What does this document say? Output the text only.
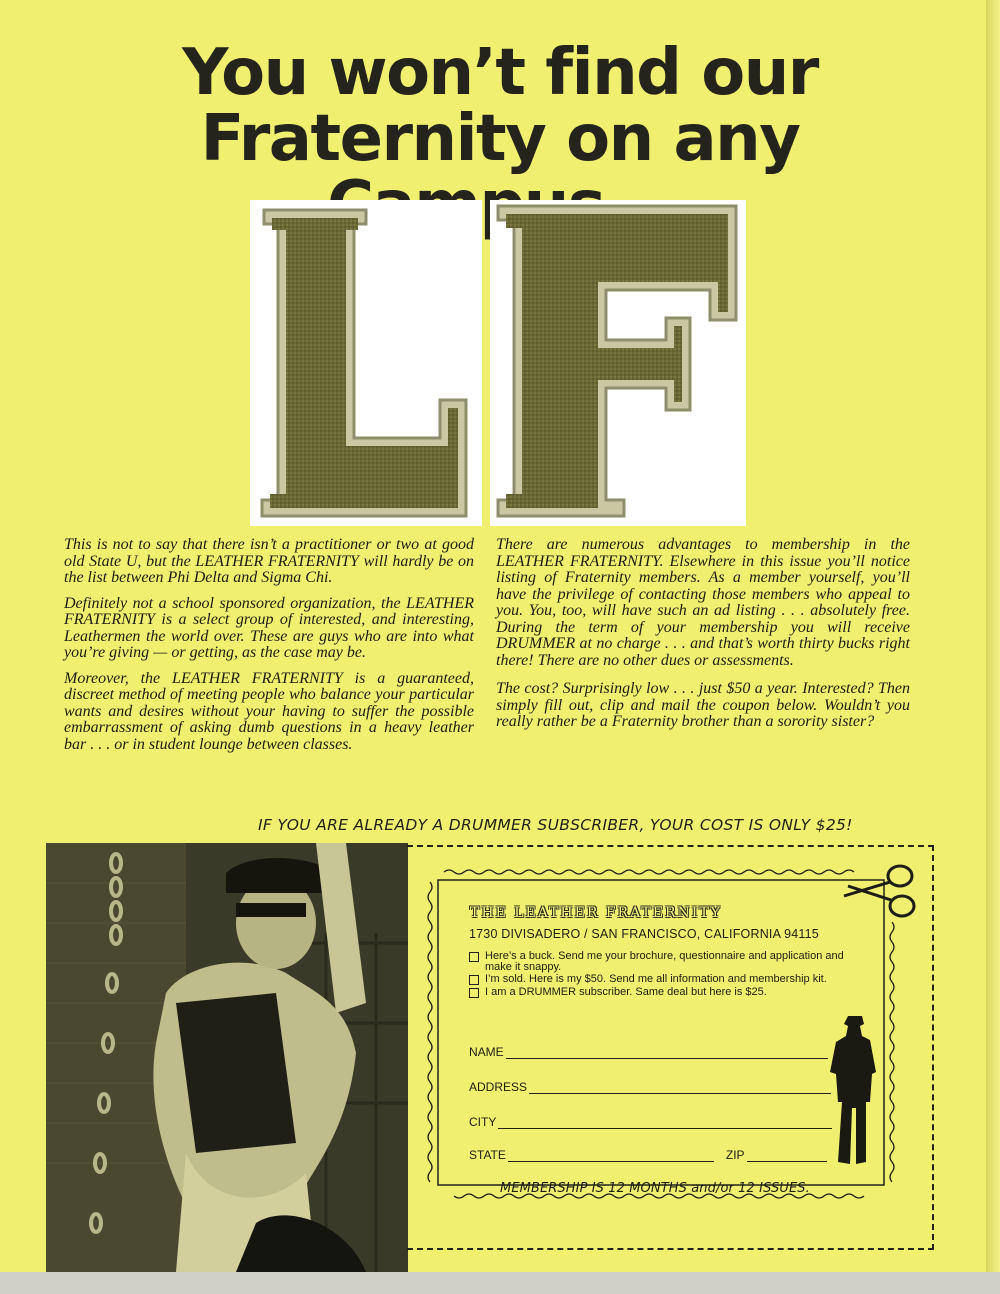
You won’t find our
Fraternity on any

This is not to say that there isn’t a practitioner or two at good old State U, but the LEATHER FRATERNITY will hardly be on the list between Phi Delta and Sigma Chi.

Definitely not a school sponsored organization, the LEATHER FRATERNITY is a select group of interested, and interesting, Leathermen the world over. These are guys who are into what you’re giving — or getting, as the case may be.

Moreover, the LEATHER FRATERNITY is a guaranteed, discreet method of meeting people who balance your particular wants and desires without your having to suffer the possible embarrassment of asking dumb questions in a heavy leather bar . . . or in student lounge between classes.

There are numerous advantages to membership in the LEATHER FRATERNITY. Elsewhere in this issue you’ll notice listing of Fraternity members. As a member yourself, you’ll have the privilege of contacting those members who appeal to you. You, too, will have such an ad listing . . . absolutely free. During the term of your membership you will receive DRUMMER at no charge . . . and that’s worth thirty bucks right there! There are no other dues or assessments.

The cost? Surprisingly low . . . just $50 a year. Interested? Then simply fill out, clip and mail the coupon below. Wouldn’t you really rather be a Fraternity brother than a sorority sister?

IF YOU ARE ALREADY A DRUMMER SUBSCRIBER, YOUR COST IS ONLY $25!
THE LEATHER FRATERNITY
1730 DIVISADERO / SAN FRANCISCO, CALIFORNIA 94115
Here’s a buck. Send me your brochure, questionnaire and application and make it snappy.
I’m sold. Here is my $50. Send me all information and membership kit.
I am a DRUMMER subscriber. Same deal but here is $25.
NAME
ADDRESS
CITY
STATE	ZIP
MEMBERSHIP IS 12 MONTHS and/or 12 ISSUES.
